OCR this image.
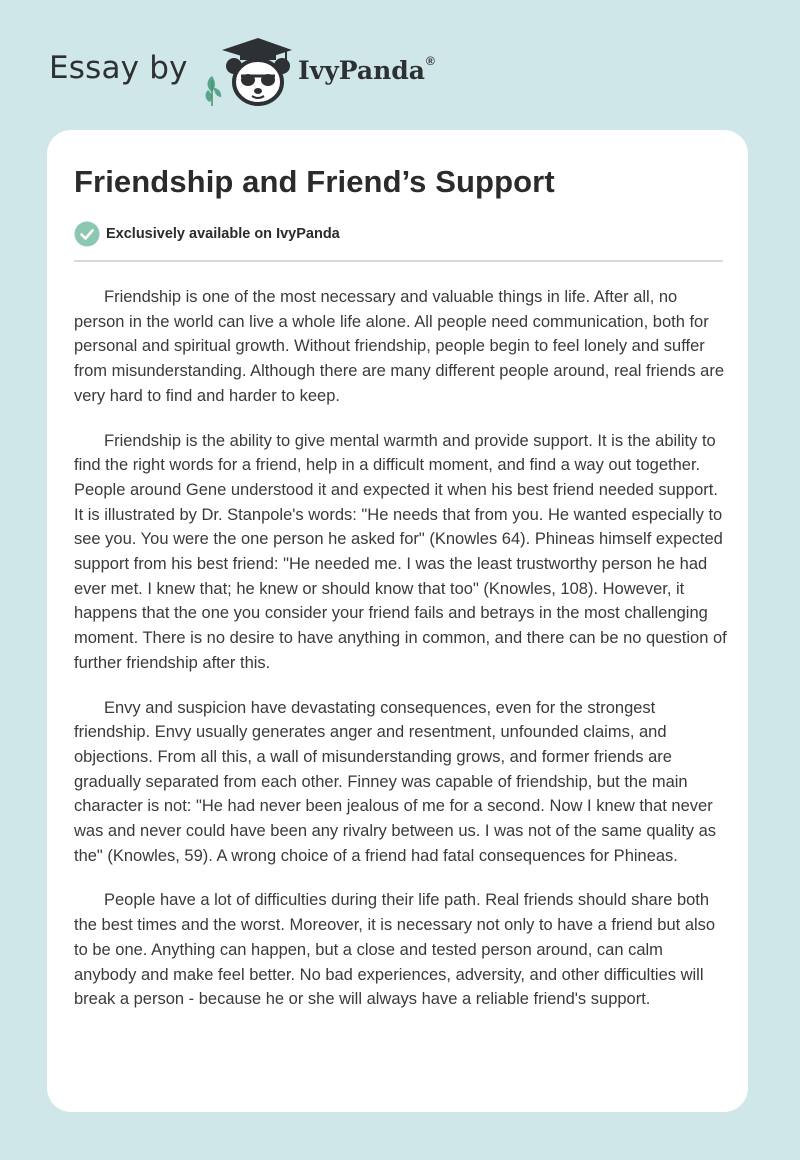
Essay by	IvyPanda®
Friendship and Friend’s Support
Exclusively available on IvyPanda

Friendship is one of the most necessary and valuable things in life. After all, no person in the world can live a whole life alone. All people need communication, both for personal and spiritual growth. Without friendship, people begin to feel lonely and suffer from misunderstanding. Although there are many different people around, real friends are very hard to find and harder to keep.

Friendship is the ability to give mental warmth and provide support. It is the ability to find the right words for a friend, help in a difficult moment, and find a way out together. People around Gene understood it and expected it when his best friend needed support. It is illustrated by Dr. Stanpole's words: "He needs that from you. He wanted especially to see you. You were the one person he asked for" (Knowles 64). Phineas himself expected support from his best friend: "He needed me. I was the least trustworthy person he had ever met. I knew that; he knew or should know that too" (Knowles, 108). However, it happens that the one you consider your friend fails and betrays in the most challenging moment. There is no desire to have anything in common, and there can be no question of further friendship after this.

Envy and suspicion have devastating consequences, even for the strongest friendship. Envy usually generates anger and resentment, unfounded claims, and objections. From all this, a wall of misunderstanding grows, and former friends are gradually separated from each other. Finney was capable of friendship, but the main character is not: "He had never been jealous of me for a second. Now I knew that never was and never could have been any rivalry between us. I was not of the same quality as the" (Knowles, 59). A wrong choice of a friend had fatal consequences for Phineas.

People have a lot of difficulties during their life path. Real friends should share both the best times and the worst. Moreover, it is necessary not only to have a friend but also to be one. Anything can happen, but a close and tested person around, can calm anybody and make feel better. No bad experiences, adversity, and other difficulties will break a person - because he or she will always have a reliable friend's support.
